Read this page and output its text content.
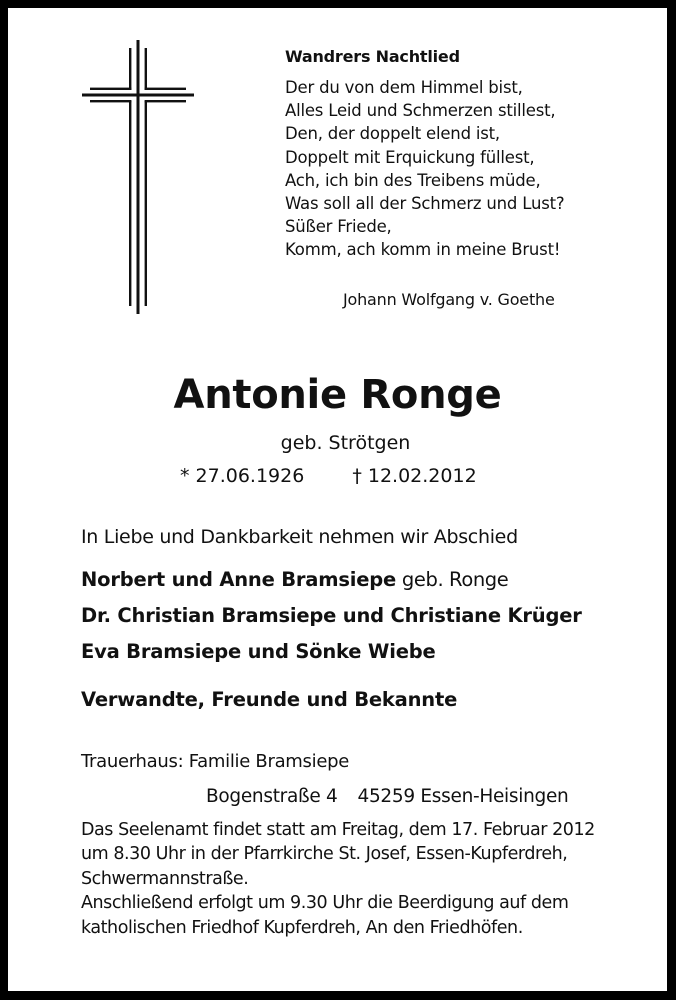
Wandrers Nachtlied
Der du von dem Himmel bist,
Alles Leid und Schmerzen stillest,
Den, der doppelt elend ist,
Doppelt mit Erquickung füllest,
Ach, ich bin des Treibens müde,
Was soll all der Schmerz und Lust?
Süßer Friede,
Komm, ach komm in meine Brust!
Johann Wolfgang v. Goethe
Antonie Ronge
geb. Strötgen
* 27.06.1926	† 12.02.2012
In Liebe und Dankbarkeit nehmen wir Abschied
Norbert und Anne Bramsiepe geb. Ronge
Dr. Christian Bramsiepe und Christiane Krüger
Eva Bramsiepe und Sönke Wiebe
Verwandte, Freunde und Bekannte
Trauerhaus: Familie Bramsiepe
Bogenstraße 4 45259 Essen-Heisingen
Das Seelenamt findet statt am Freitag, dem 17. Februar 2012
um 8.30 Uhr in der Pfarrkirche St. Josef, Essen-Kupferdreh,
Schwermannstraße.
Anschließend erfolgt um 9.30 Uhr die Beerdigung auf dem
katholischen Friedhof Kupferdreh, An den Friedhöfen.
